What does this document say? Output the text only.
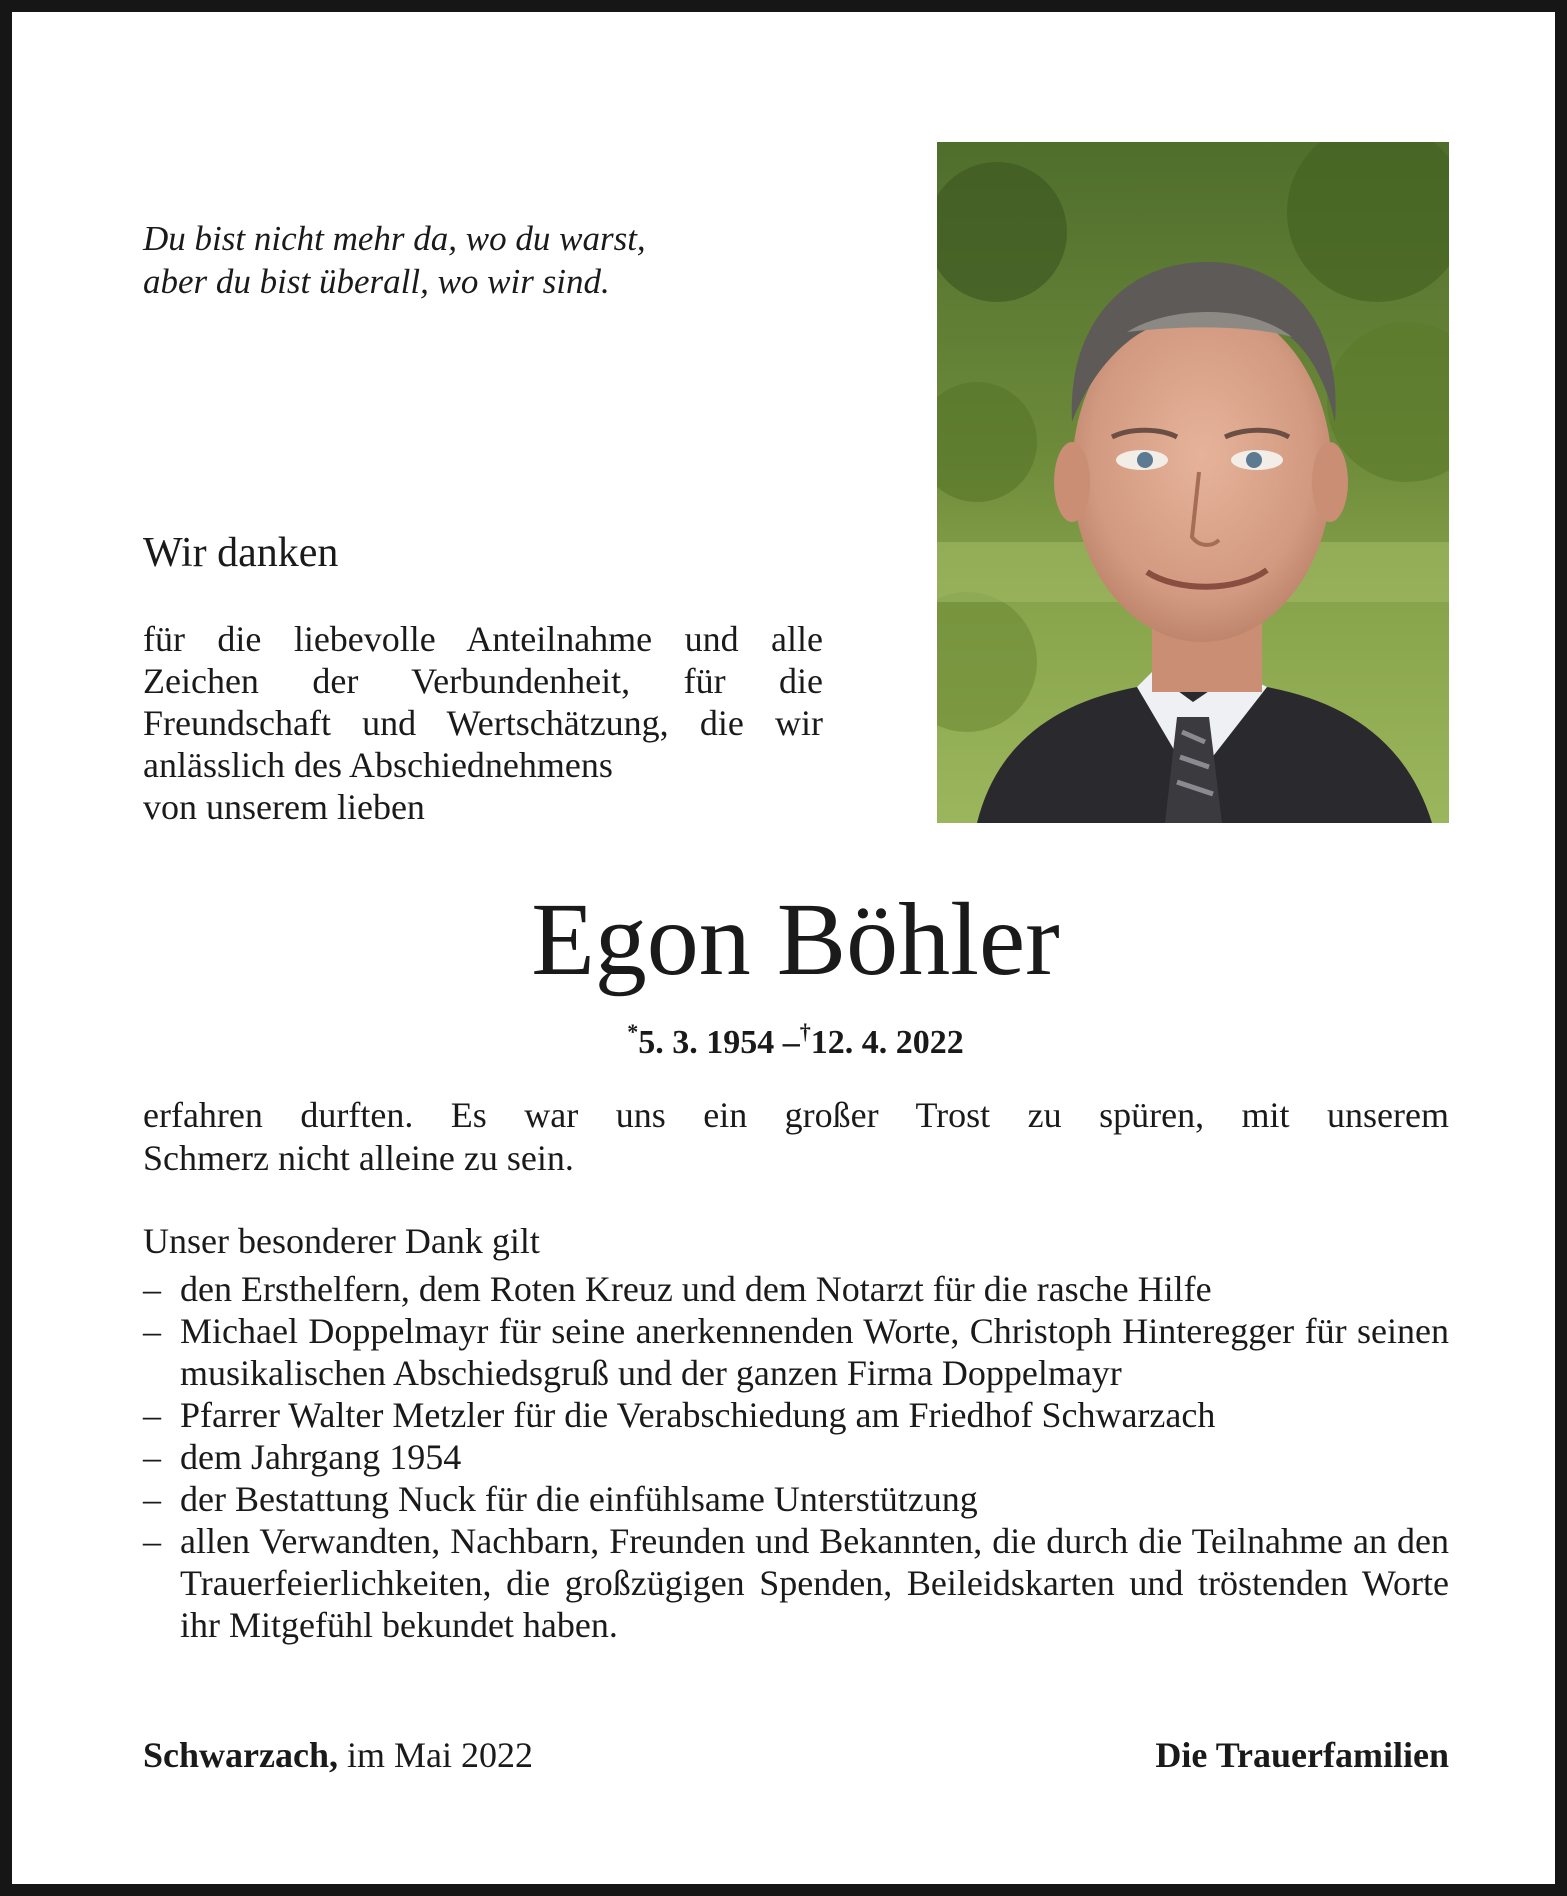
Du bist nicht mehr da, wo du warst,
aber du bist überall, wo wir sind.
Wir danken
für die liebevolle Anteilnahme und alle Zeichen der Verbundenheit, für die Freundschaft und Wertschätzung, die wir anlässlich des Abschiednehmens
von unserem lieben
Egon Böhler
*5. 3. 1954 –†12. 4. 2022
erfahren durften. Es war uns ein großer Trost zu spüren, mit unserem
Schmerz nicht alleine zu sein.
Unser besonderer Dank gilt
– den Ersthelfern, dem Roten Kreuz und dem Notarzt für die rasche Hilfe
– Michael Doppelmayr für seine anerkennenden Worte, Christoph Hinteregger für seinen musikalischen Abschiedsgruß und der ganzen Firma Doppelmayr
– Pfarrer Walter Metzler für die Verabschiedung am Friedhof Schwarzach
– dem Jahrgang 1954
– der Bestattung Nuck für die einfühlsame Unterstützung
– allen Verwandten, Nachbarn, Freunden und Bekannten, die durch die Teilnahme an den Trauerfeierlichkeiten, die großzügigen Spenden, Beileidskarten und tröstenden Worte ihr Mitgefühl bekundet haben.
Schwarzach, im Mai 2022	Die Trauerfamilien
